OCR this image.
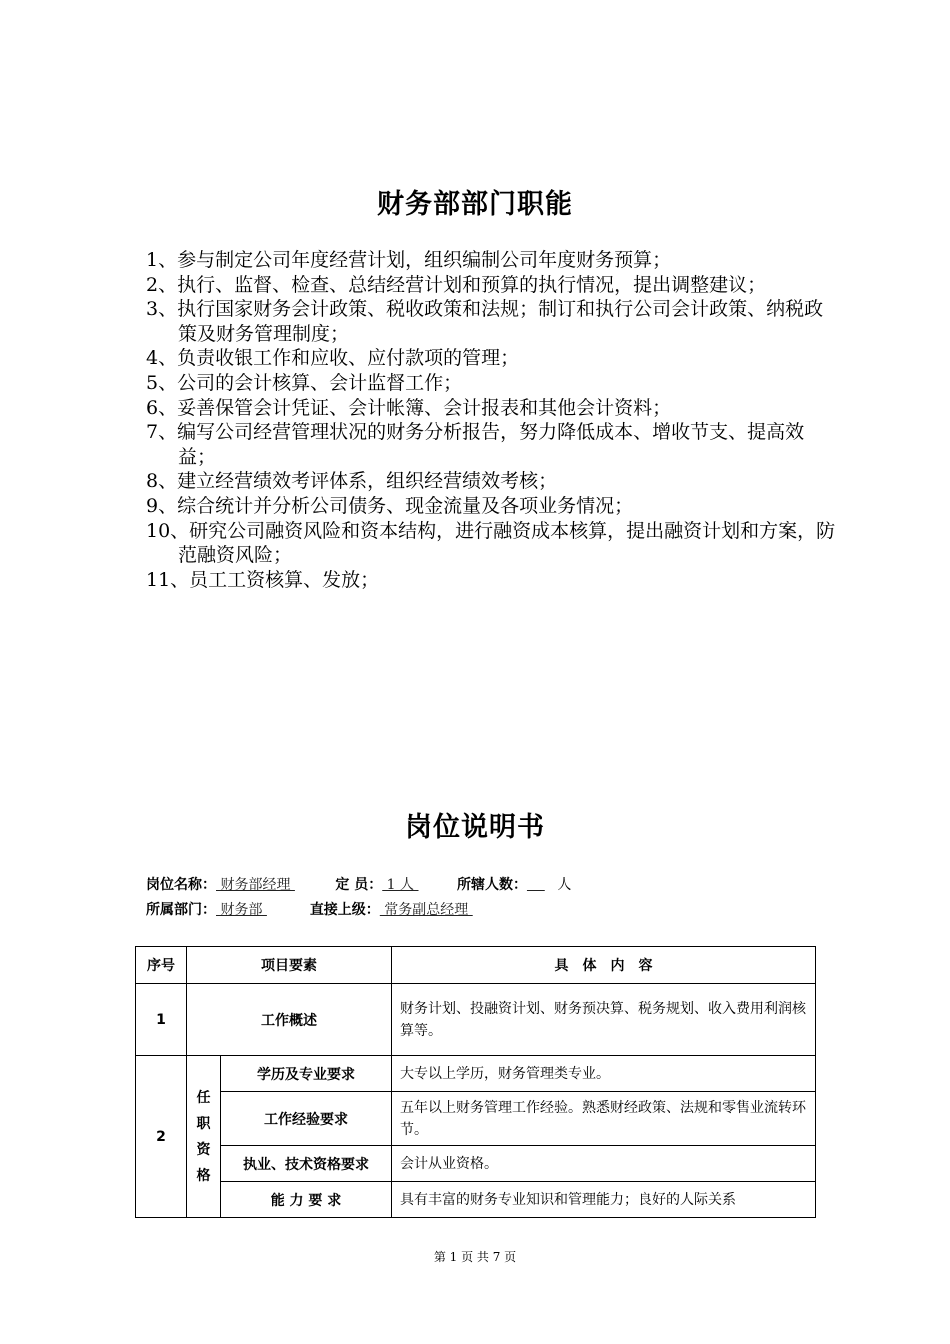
财务部部门职能
1、参与制定公司年度经营计划，组织编制公司年度财务预算；
2、执行、监督、检查、总结经营计划和预算的执行情况，提出调整建议；
3、执行国家财务会计政策、税收政策和法规；制订和执行公司会计政策、纳税政策及财务管理制度；
4、负责收银工作和应收、应付款项的管理；
5、公司的会计核算、会计监督工作；
6、妥善保管会计凭证、会计帐簿、会计报表和其他会计资料；
7、编写公司经营管理状况的财务分析报告，努力降低成本、增收节支、提高效益；
8、建立经营绩效考评体系，组织经营绩效考核；
9、综合统计并分析公司债务、现金流量及各项业务情况；
10、研究公司融资风险和资本结构，进行融资成本核算，提出融资计划和方案，防范融资风险；
11、员工工资核算、发放；
岗位说明书
岗位名称： 财务部经理	定 员： 1 人	所辖人数： 人
所属部门： 财务部	直接上级： 常务副总经理
序号	项目要素		具　体　内　容
1	工作概述		财务计划、投融资计划、财务预决算、税务规划、收入费用利润核算等。
2	任
职
资
格	学历及专业要求	大专以上学历，财务管理类专业。
		工作经验要求	五年以上财务管理工作经验。熟悉财经政策、法规和零售业流转环节。
		执业、技术资格要求	会计从业资格。
		能 力 要 求	具有丰富的财务专业知识和管理能力；良好的人际关系
第 1 页 共 7 页
